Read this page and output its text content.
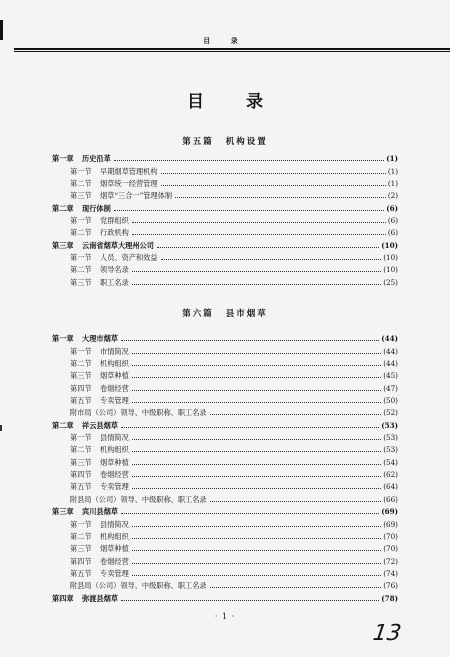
目 录
目 录
第五篇 机构设置
第一章	历史沿革	(1)
第一节	早期烟草管理机构	(1)
第二节	烟草统一经营管理	(1)
第三节	烟草“三合一”管理体制	(2)
第二章	现行体制	(6)
第一节	党群组织	(6)
第二节	行政机构	(6)
第三章	云南省烟草大理州公司	(10)
第一节	人员、资产和效益	(10)
第二节	领导名录	(10)
第三节	职工名录	(25)
第六篇 县市烟草
第一章	大理市烟草	(44)
第一节	市情简况	(44)
第二节	机构组织	(44)
第三节	烟草种植	(45)
第四节	卷烟经营	(47)
第五节	专卖管理	(50)
附市局（公司）领导、中级职称、职工名录	(52)
第二章	祥云县烟草	(53)
第一节	县情简况	(53)
第二节	机构组织	(53)
第三节	烟草种植	(54)
第四节	卷烟经营	(62)
第五节	专卖管理	(64)
附县局（公司）领导、中级职称、职工名录	(66)
第三章	宾川县烟草	(69)
第一节	县情简况	(69)
第二节	机构组织	(70)
第三节	烟草种植	(70)
第四节	卷烟经营	(72)
第五节	专卖管理	(74)
附县局（公司）领导、中级职称、职工名录	(76)
第四章	弥渡县烟草	(78)
· 1 ·
13
